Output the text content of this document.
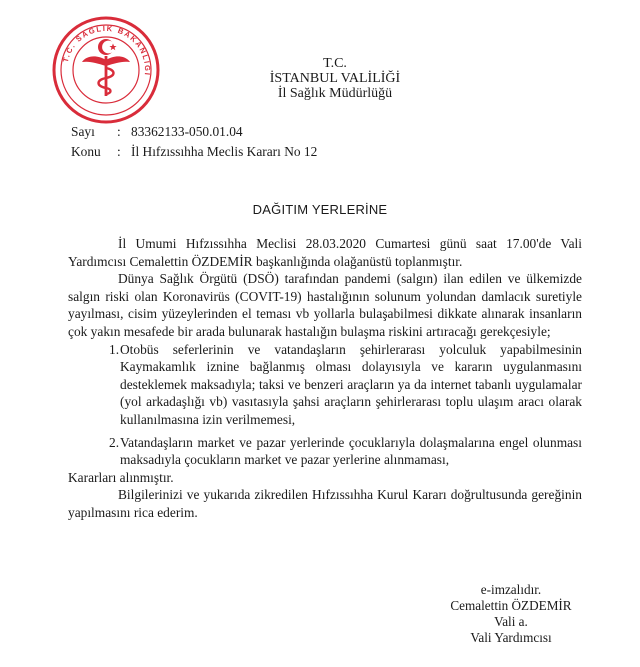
T.C. SAĞLIK BAKANLIĞI
T.C.
İSTANBUL VALİLİĞİ
İl Sağlık Müdürlüğü
Sayı	: 83362133-050.01.04
Konu	: İl Hıfzıssıhha Meclis Kararı No 12
DAĞITIM YERLERİNE

İl Umumi Hıfzıssıhha Meclisi 28.03.2020 Cumartesi günü saat 17.00'de Vali Yardımcısı Cemalettin ÖZDEMİR başkanlığında olağanüstü toplanmıştır.

Dünya Sağlık Örgütü (DSÖ) tarafından pandemi (salgın) ilan edilen ve ülkemizde salgın riski olan Koronavirüs (COVIT-19) hastalığının solunum yolundan damlacık suretiyle yayılması, cisim yüzeylerinden el teması vb yollarla bulaşabilmesi dikkate alınarak insanların çok yakın mesafede bir arada bulunarak hastalığın bulaşma riskini artıracağı gerekçesiyle;

1. Otobüs seferlerinin ve vatandaşların şehirlerarası yolculuk yapabilmesinin Kaymakamlık iznine bağlanmış olması dolayısıyla ve kararın uygulanmasını desteklemek maksadıyla; taksi ve benzeri araçların ya da internet tabanlı uygulamalar (yol arkadaşlığı vb) vasıtasıyla şahsi araçların şehirlerarası toplu ulaşım aracı olarak kullanılmasına izin verilmemesi,

2. Vatandaşların market ve pazar yerlerinde çocuklarıyla dolaşmalarına engel olunması maksadıyla çocukların market ve pazar yerlerine alınmaması,

Kararları alınmıştır.

Bilgilerinizi ve yukarıda zikredilen Hıfzıssıhha Kurul Kararı doğrultusunda gereğinin yapılmasını rica ederim.

e-imzalıdır.
Cemalettin ÖZDEMİR
Vali a.
Vali Yardımcısı
